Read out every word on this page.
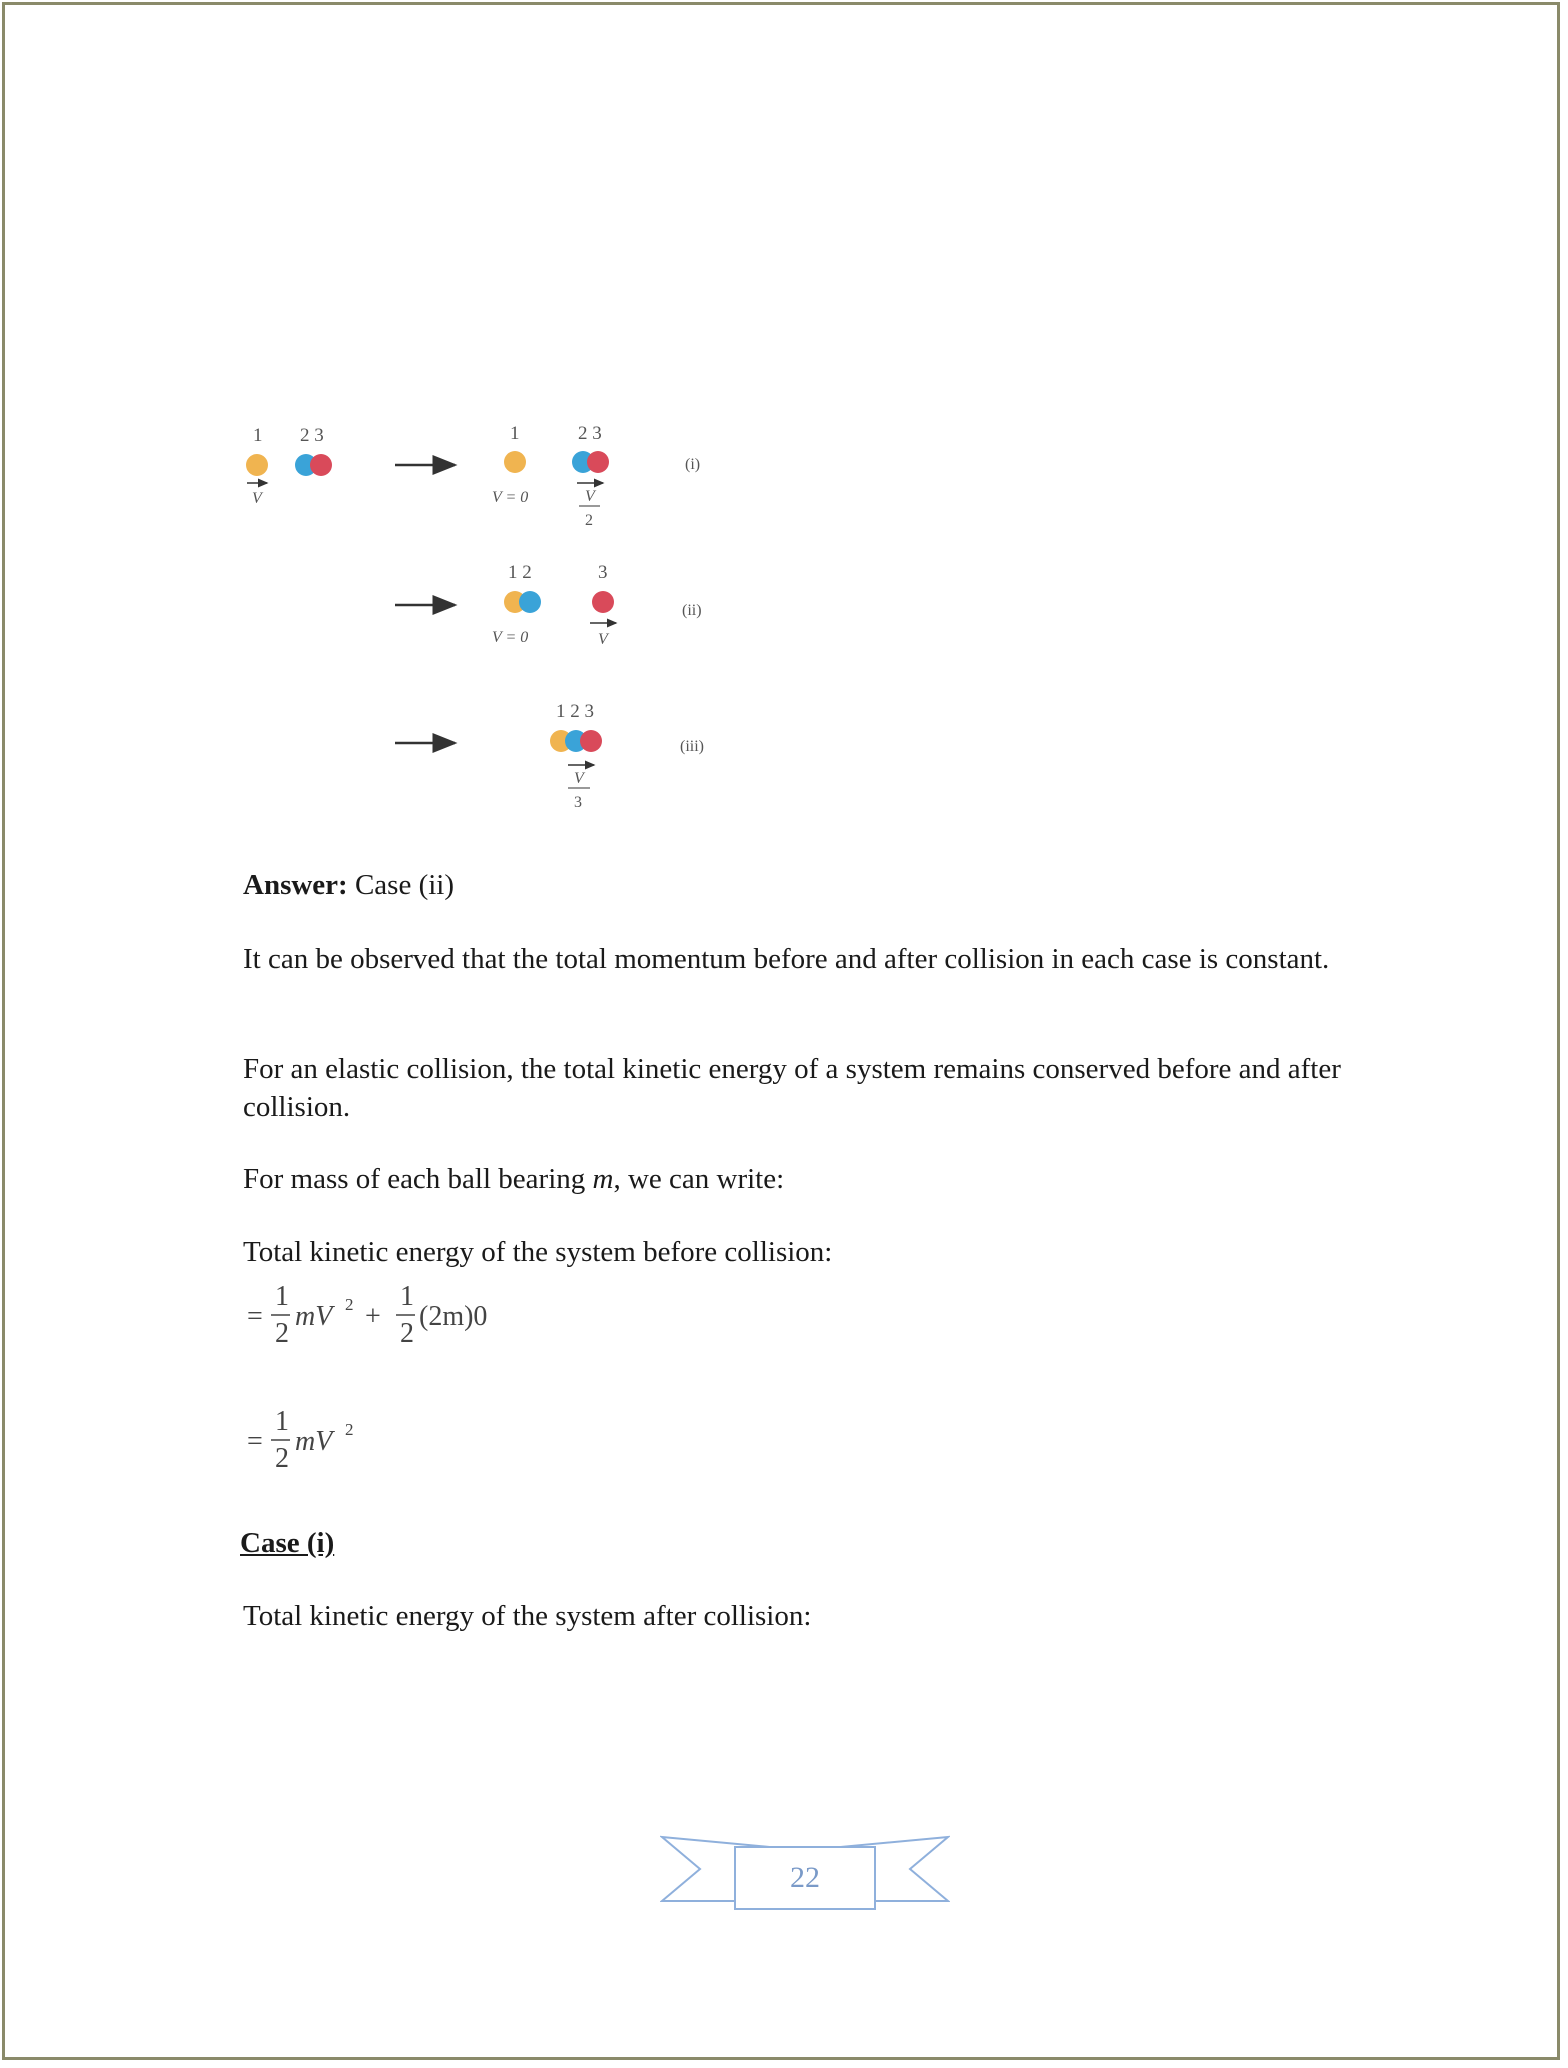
1 2 3
V
1	2 3
V = 0	V
2
(i)
1 2	3
V = 0	V
(ii)
1 2 3
V
3
(iii)
Answer: Case (ii)
It can be observed that the total momentum before and after collision in each case is constant.
For an elastic collision, the total kinetic energy of a system remains conserved before and after collision.
For mass of each ball bearing m, we can write:
Total kinetic energy of the system before collision:
=
1
2
mV 2 +
1
2
(2m)0
=
1
2
mV 2
Case (i)
Total kinetic energy of the system after collision:
22
